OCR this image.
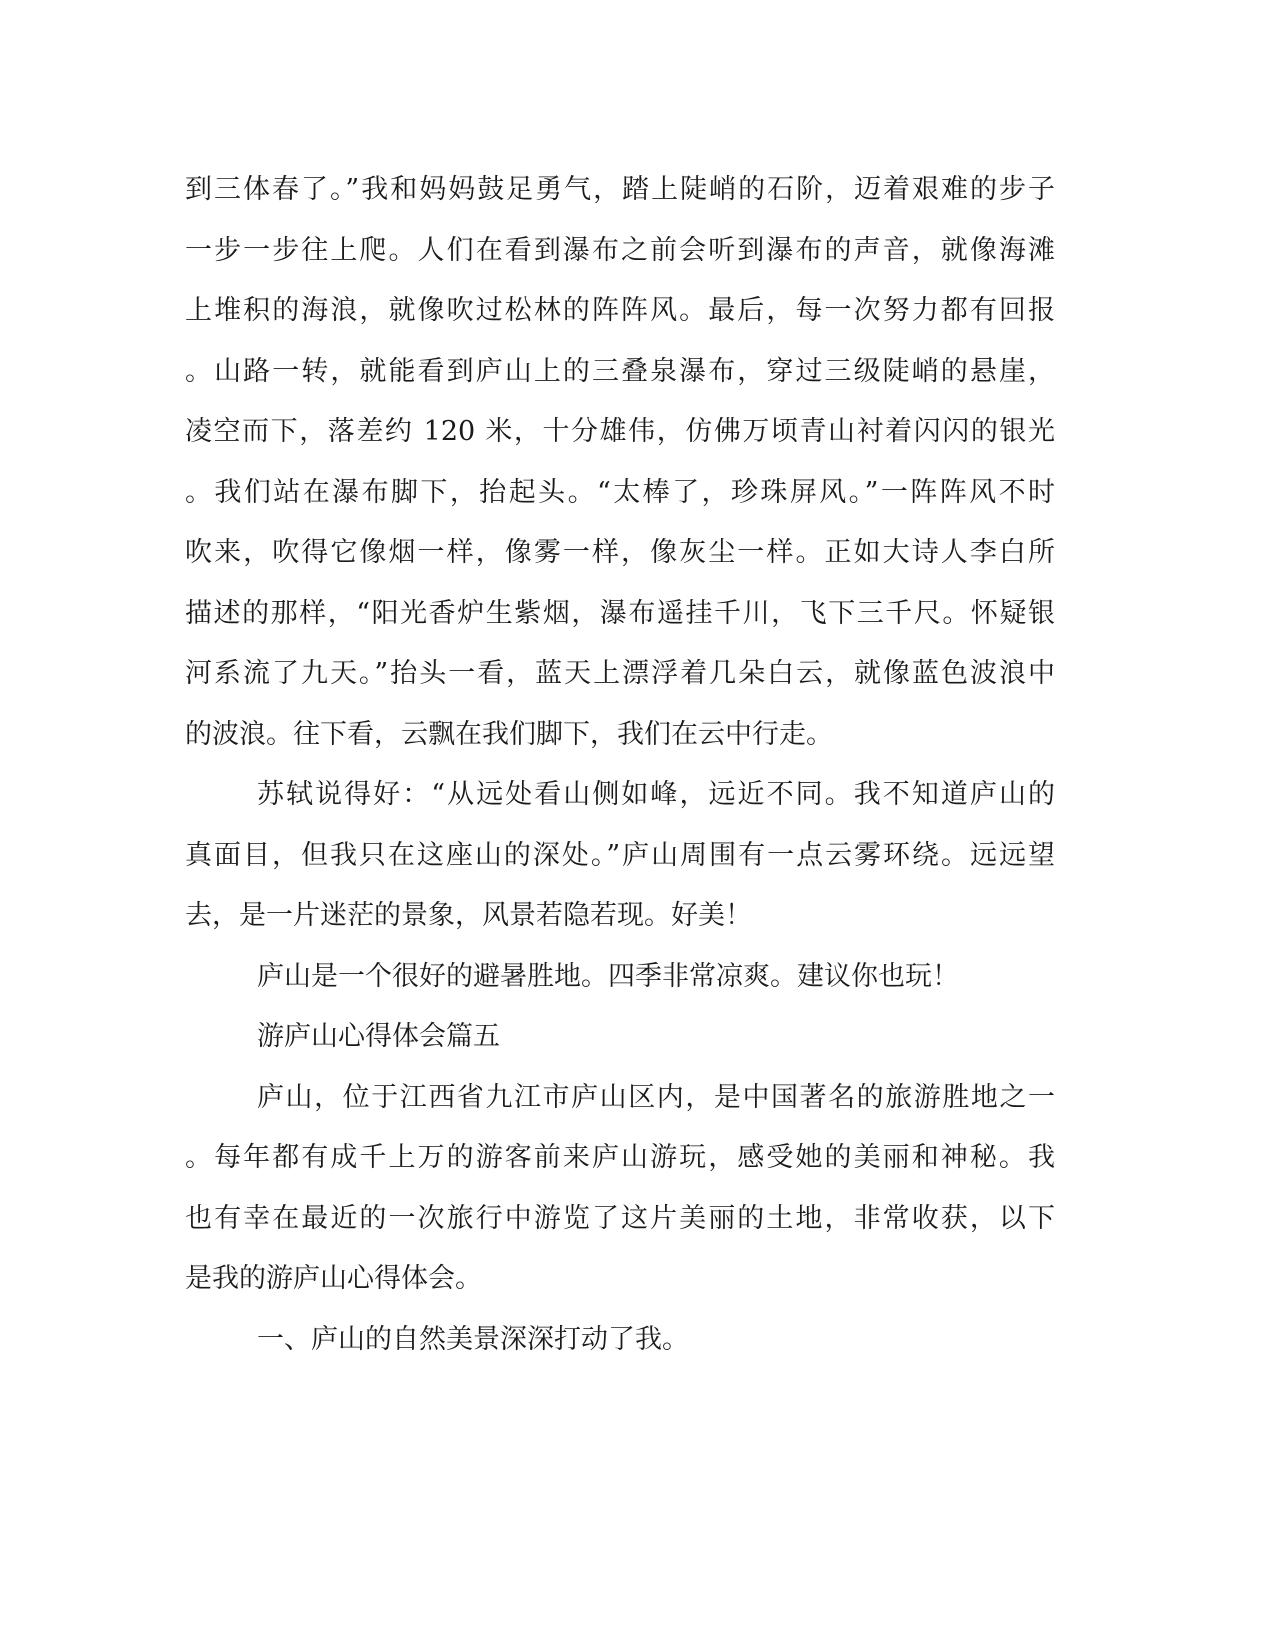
到三体春了。”我和妈妈鼓足勇气，踏上陡峭的石阶，迈着艰难的步子
一步一步往上爬。人们在看到瀑布之前会听到瀑布的声音，就像海滩
上堆积的海浪，就像吹过松林的阵阵风。最后，每一次努力都有回报
。山路一转，就能看到庐山上的三叠泉瀑布，穿过三级陡峭的悬崖，
凌空而下，落差约 120 米，十分雄伟，仿佛万顷青山衬着闪闪的银光
。我们站在瀑布脚下，抬起头。“太棒了，珍珠屏风。”一阵阵风不时
吹来，吹得它像烟一样，像雾一样，像灰尘一样。正如大诗人李白所
描述的那样，“阳光香炉生紫烟，瀑布遥挂千川，飞下三千尺。怀疑银
河系流了九天。”抬头一看，蓝天上漂浮着几朵白云，就像蓝色波浪中
的波浪。往下看，云飘在我们脚下，我们在云中行走。
苏轼说得好：“从远处看山侧如峰，远近不同。我不知道庐山的
真面目，但我只在这座山的深处。”庐山周围有一点云雾环绕。远远望
去，是一片迷茫的景象，风景若隐若现。好美！
庐山是一个很好的避暑胜地。四季非常凉爽。建议你也玩！
游庐山心得体会篇五
庐山，位于江西省九江市庐山区内，是中国著名的旅游胜地之一
。每年都有成千上万的游客前来庐山游玩，感受她的美丽和神秘。我
也有幸在最近的一次旅行中游览了这片美丽的土地，非常收获，以下
是我的游庐山心得体会。
一、庐山的自然美景深深打动了我。
